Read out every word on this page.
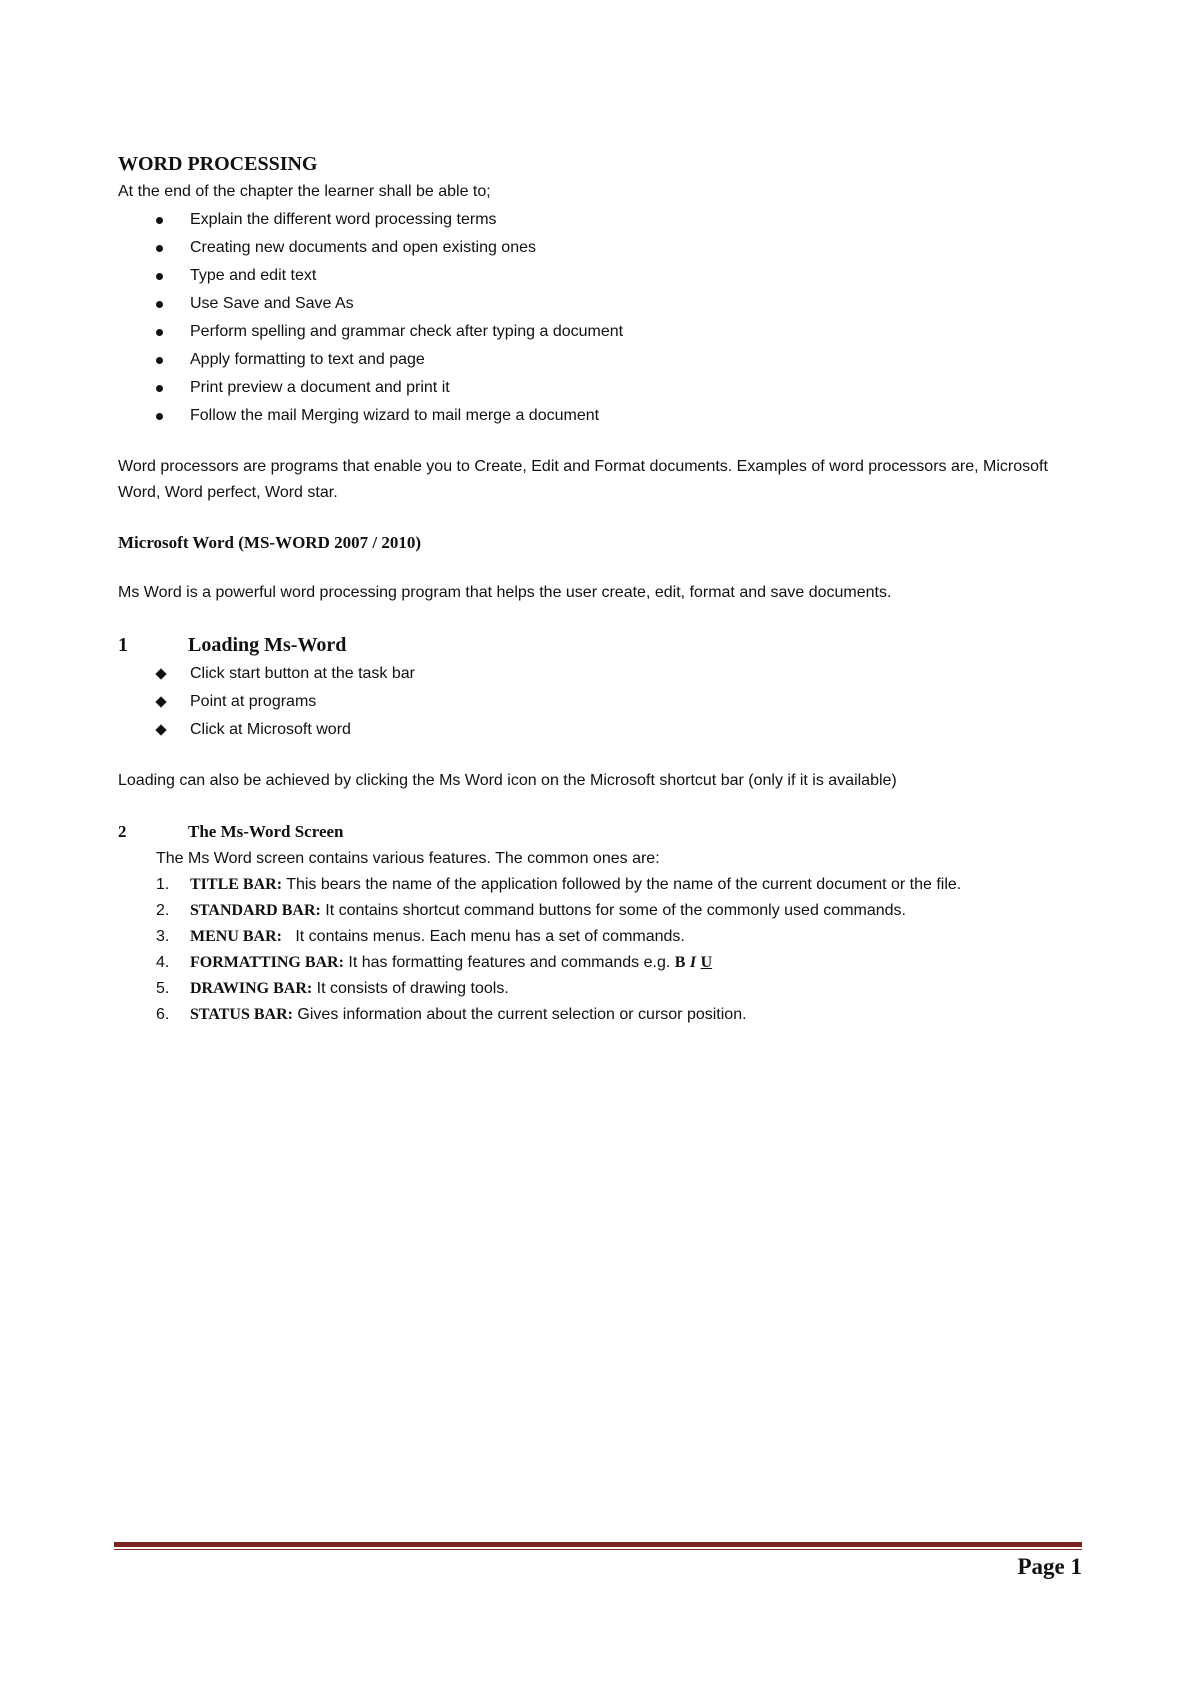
WORD PROCESSING

At the end of the chapter the learner shall be able to;

Explain the different word processing terms
Creating new documents and open existing ones
Type and edit text
Use Save and Save As
Perform spelling and grammar check after typing a document
Apply formatting to text and page
Print preview a document and print it
Follow the mail Merging wizard to mail merge a document

Word processors are programs that enable you to Create, Edit and Format documents. Examples of word processors are, Microsoft Word, Word perfect, Word star.

Microsoft Word (MS-WORD 2007 / 2010)

Ms Word is a powerful word processing program that helps the user create, edit, format and save documents.

1	Loading Ms-Word
Click start button at the task bar
Point at programs
Click at Microsoft word

Loading can also be achieved by clicking the Ms Word icon on the Microsoft shortcut bar (only if it is available)

2	The Ms-Word Screen

The Ms Word screen contains various features. The common ones are:

1. TITLE BAR: This bears the name of the application followed by the name of the current document or the file.
2. STANDARD BAR: It contains shortcut command buttons for some of the commonly used commands.
3. MENU BAR:   It contains menus. Each menu has a set of commands.
4. FORMATTING BAR: It has formatting features and commands e.g. B I U
5. DRAWING BAR: It consists of drawing tools.
6. STATUS BAR: Gives information about the current selection or cursor position.
Page 1
